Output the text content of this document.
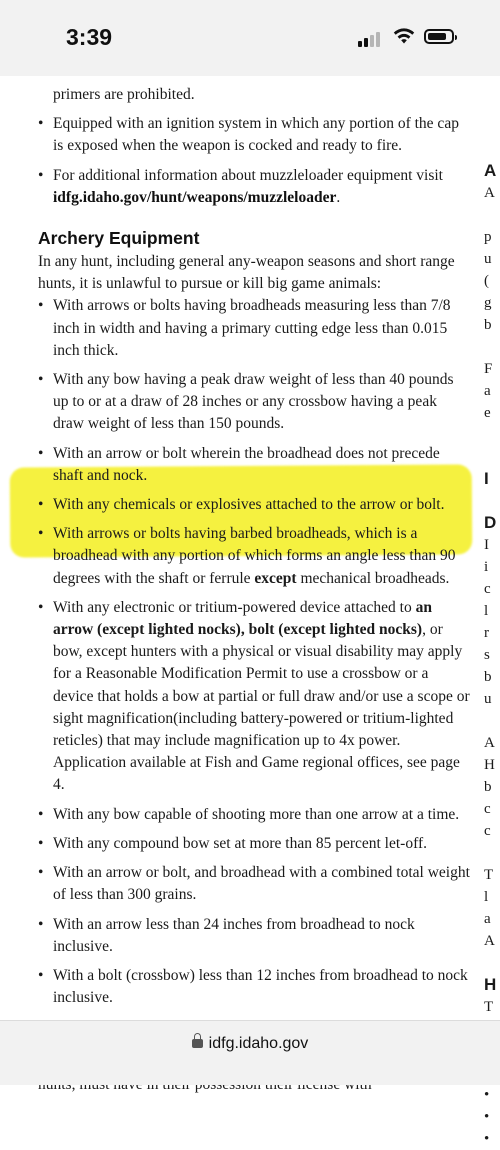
primers are prohibited.
• Equipped with an ignition system in which any portion of the cap is exposed when the weapon is cocked and ready to fire.
• For additional information about muzzleloader equipment visit idfg.idaho.gov/hunt/weapons/muzzleloader.
Archery Equipment

In any hunt, including general any-weapon seasons and short range hunts, it is unlawful to pursue or kill big game animals:

• With arrows or bolts having broadheads measuring less than 7/8 inch in width and having a primary cutting edge less than 0.015 inch thick.
• With any bow having a peak draw weight of less than 40 pounds up to or at a draw of 28 inches or any crossbow having a peak draw weight of less than 150 pounds.
• With an arrow or bolt wherein the broadhead does not precede shaft and nock.
• With any chemicals or explosives attached to the arrow or bolt.
• With arrows or bolts having barbed broadheads, which is a broadhead with any portion of which forms an angle less than 90 degrees with the shaft or ferrule except mechanical broadheads.
• With any electronic or tritium-powered device attached to an arrow (except lighted nocks), bolt (except lighted nocks), or bow, except hunters with a physical or visual disability may apply for a Reasonable Modification Permit to use a crossbow or a device that holds a bow at partial or full draw and/or use a scope or sight magnification(including battery-powered or tritium-lighted reticles) that may include magnification up to 4x power. Application available at Fish and Game regional offices, see page 4.
• With any bow capable of shooting more than one arrow at a time.
• With any compound bow set at more than 85 percent let-off.
• With an arrow or bolt, and broadhead with a combined total weight of less than 300 grains.
• With an arrow less than 24 inches from broadhead to nock inclusive.
• With a bolt (crossbow) less than 12 inches from broadhead to nock inclusive.

A
A
p
u
(
g
b
F
a
e
I
D
I
i
c
l
r
s
b
u
A
H
b
c
c
T
l
a
A
H
T
•
•
•
3:39
idfg.idaho.gov
